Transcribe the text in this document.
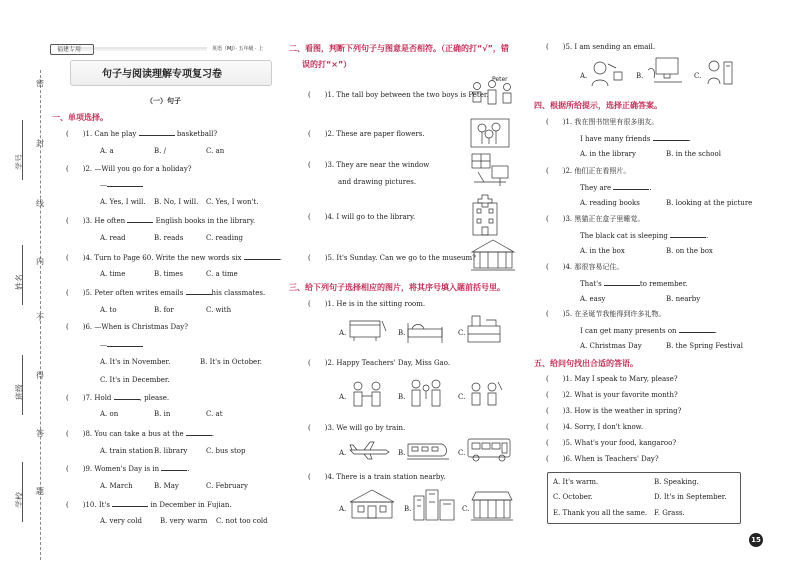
密
封
线
内
不
得
答
题
学号
姓名
班级
学校
福建专用	英语（MJ）· 五年级 · 上
句子与阅读理解专项复习卷
（一）句子
一、单项选择。
( )1. Can he play	basketball?
A. a	B. /	C. an
( )2. —Will you go for a holiday?
—
A. Yes, I will. B. No, I will. C. Yes, I won't.
( )3. He often	English books in the library.
A. read	B. reads	C. reading
( )4. Turn to Page 60. Write the new words six	.
A. time	B. times	C. a time
( )5. Peter often writes emails	his classmates.
A. to	B. for	C. with
( )6. —When is Christmas Day?
—
A. It's in November.	B. It's in October.
C. It's in December.
( )7. Hold	, please.
A. on	B. in	C. at
( )8. You can take a bus at the	.
A. train station B. library	C. bus stop
( )9. Women's Day is in	.
A. March	B. May	C. February
( )10. It's	in December in Fujian.
A. very cold	B. very warm C. not too cold
二、看图，判断下列句子与图意是否相符。（正确的打“√”，错
误的打“×”）
Peter
( )1. The tall boy between the two boys is Peter.
( )2. These are paper flowers.
( )3. They are near the window
and drawing pictures.
( )4. I will go to the library.
( )5. It's Sunday. Can we go to the museum?
三、给下列句子选择相应的图片，将其序号填入题前括号里。
( )1. He is in the sitting room.
A.	B.	C.
( )2. Happy Teachers' Day, Miss Gao.
A.	B.	C.
( )3. We will go by train.
A.	B.	C.
( )4. There is a train station nearby.
A.	B.	C.
( )5. I am sending an email.
A.	B.	C.
四、根据所给提示，选择正确答案。
( )1. 我在图书馆里有很多朋友。
I have many friends	.
A. in the library	B. in the school
( )2. 他们正在看照片。
They are	.
A. reading books	B. looking at the picture
( )3. 黑猫正在盒子里睡觉。
The black cat is sleeping	.
A. in the box	B. on the box
( )4. 那很容易记住。
That's	to remember.
A. easy	B. nearby
( )5. 在圣诞节我能得到许多礼物。
I can get many presents on	.
A. Christmas Day	B. the Spring Festival
五、给问句找出合适的答语。
( )1. May I speak to Mary, please?
( )2. What is your favorite month?
( )3. How is the weather in spring?
( )4. Sorry, I don't know.
( )5. What's your food, kangaroo?
( )6. When is Teachers' Day?
A. It's warm.	B. Speaking.
C. October.	D. It's in September.
E. Thank you all the same. F. Grass.
15
